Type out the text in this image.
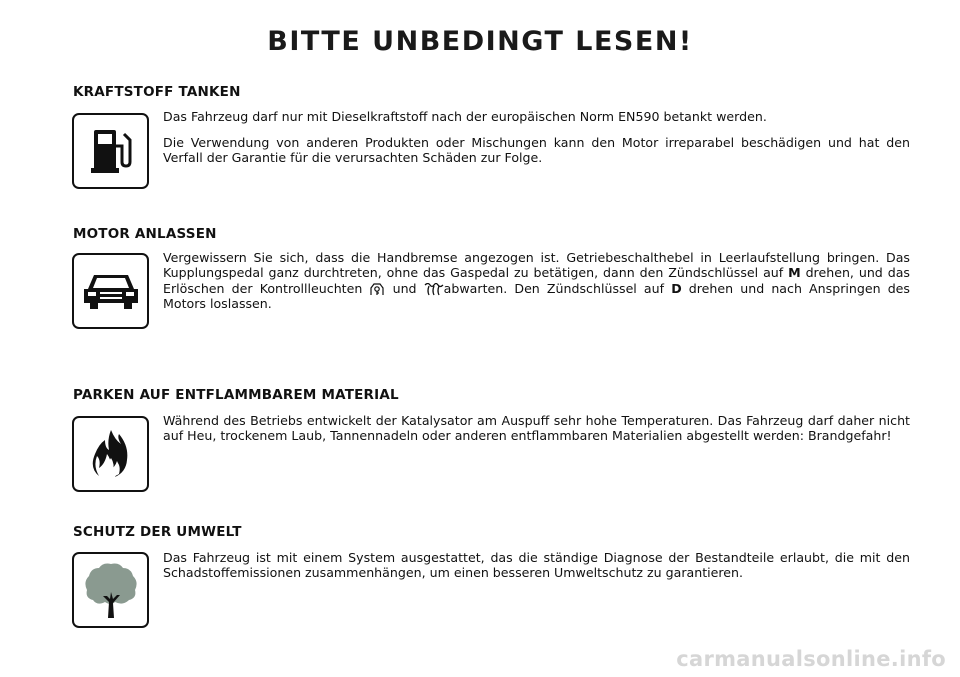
BITTE UNBEDINGT LESEN!
KRAFTSTOFF TANKEN

Das Fahrzeug darf nur mit Dieselkraftstoff nach der europäischen Norm EN590 betankt werden.

Die Verwendung von anderen Produkten oder Mischungen kann den Motor irreparabel beschädigen und hat den Verfall der Garantie für die verursachten Schäden zur Folge.

MOTOR ANLASSEN

Vergewissern Sie sich, dass die Handbremse angezogen ist. Getriebeschalthebel in Leerlaufstellung bringen. Das Kupplungspedal ganz durchtreten, ohne das Gaspedal zu betätigen, dann den Zündschlüssel auf M drehen, und das Erlöschen der Kontrollleuchten  und abwarten. Den Zündschlüssel auf D drehen und nach Anspringen des Motors loslassen.

PARKEN AUF ENTFLAMMBAREM MATERIAL

Während des Betriebs entwickelt der Katalysator am Auspuff sehr hohe Temperaturen. Das Fahrzeug darf daher nicht auf Heu, trockenem Laub, Tannennadeln oder anderen entflammbaren Materialien abgestellt werden: Brandgefahr!

SCHUTZ DER UMWELT

Das Fahrzeug ist mit einem System ausgestattet, das die ständige Diagnose der Bestandteile erlaubt, die mit den Schadstoffemissionen zusammenhängen, um einen besseren Umweltschutz zu garantieren.

carmanualsonline.info
